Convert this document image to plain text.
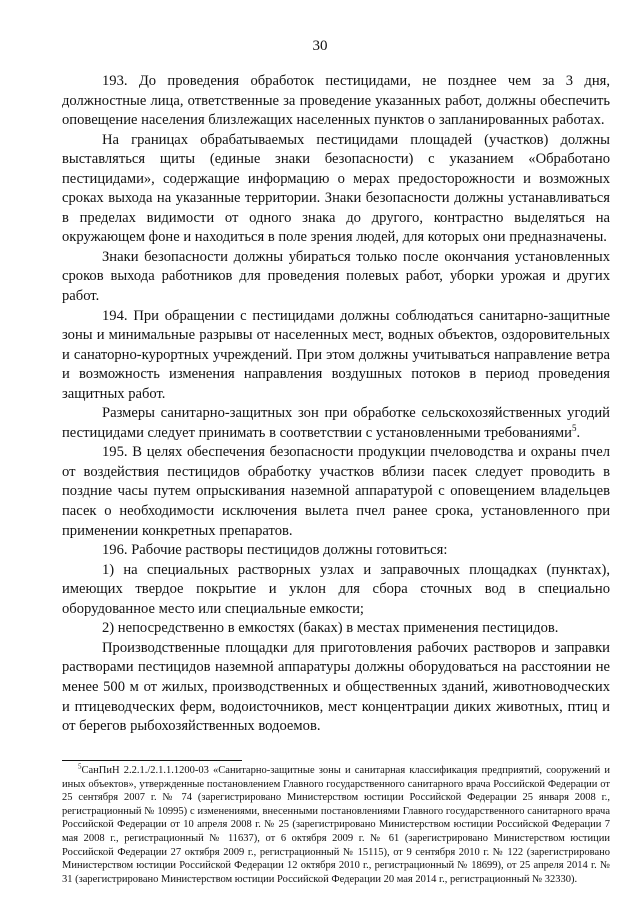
30

193. До проведения обработок пестицидами, не позднее чем за 3 дня, должностные лица, ответственные за проведение указанных работ, должны обеспечить оповещение населения близлежащих населенных пунктов о запланированных работах.

На границах обрабатываемых пестицидами площадей (участков) должны выставляться щиты (единые знаки безопасности) с указанием «Обработано пестицидами», содержащие информацию о мерах предосторожности и возможных сроках выхода на указанные территории. Знаки безопасности должны устанавливаться в пределах видимости от одного знака до другого, контрастно выделяться на окружающем фоне и находиться в поле зрения людей, для которых они предназначены.

Знаки безопасности должны убираться только после окончания установленных сроков выхода работников для проведения полевых работ, уборки урожая и других работ.

194. При обращении с пестицидами должны соблюдаться санитарно-защитные зоны и минимальные разрывы от населенных мест, водных объектов, оздоровительных и санаторно-курортных учреждений. При этом должны учитываться направление ветра и возможность изменения направления воздушных потоков в период проведения защитных работ.

Размеры санитарно-защитных зон при обработке сельскохозяйственных угодий пестицидами следует принимать в соответствии с установленными требованиями$^5$.

195. В целях обеспечения безопасности продукции пчеловодства и охраны пчел от воздействия пестицидов обработку участков вблизи пасек следует проводить в поздние часы путем опрыскивания наземной аппаратурой с оповещением владельцев пасек о необходимости исключения вылета пчел ранее срока, установленного при применении конкретных препаратов.

196. Рабочие растворы пестицидов должны готовиться:

1) на специальных растворных узлах и заправочных площадках (пунктах), имеющих твердое покрытие и уклон для сбора сточных вод в специально оборудованное место или специальные емкости;

2) непосредственно в емкостях (баках) в местах применения пестицидов.

Производственные площадки для приготовления рабочих растворов и заправки растворами пестицидов наземной аппаратуры должны оборудоваться на расстоянии не менее 500 м от жилых, производственных и общественных зданий, животноводческих и птицеводческих ферм, водоисточников, мест концентрации диких животных, птиц и от берегов рыбохозяйственных водоемов.

$^5$СанПиН 2.2.1./2.1.1.1200-03 «Санитарно-защитные зоны и санитарная классификация предприятий, сооружений и иных объектов», утвержденные постановлением Главного государственного санитарного врача Российской Федерации от 25 сентября 2007 г. № 74 (зарегистрировано Министерством юстиции Российской Федерации 25 января 2008 г., регистрационный № 10995) с изменениями, внесенными постановлениями Главного государственного санитарного врача Российской Федерации от 10 апреля 2008 г. № 25 (зарегистрировано Министерством юстиции Российской Федерации 7 мая 2008 г., регистрационный № 11637), от 6 октября 2009 г. № 61 (зарегистрировано Министерством юстиции Российской Федерации 27 октября 2009 г., регистрационный № 15115), от 9 сентября 2010 г. № 122 (зарегистрировано Министерством юстиции Российской Федерации 12 октября 2010 г., регистрационный № 18699), от 25 апреля 2014 г. № 31 (зарегистрировано Министерством юстиции Российской Федерации 20 мая 2014 г., регистрационный № 32330).
